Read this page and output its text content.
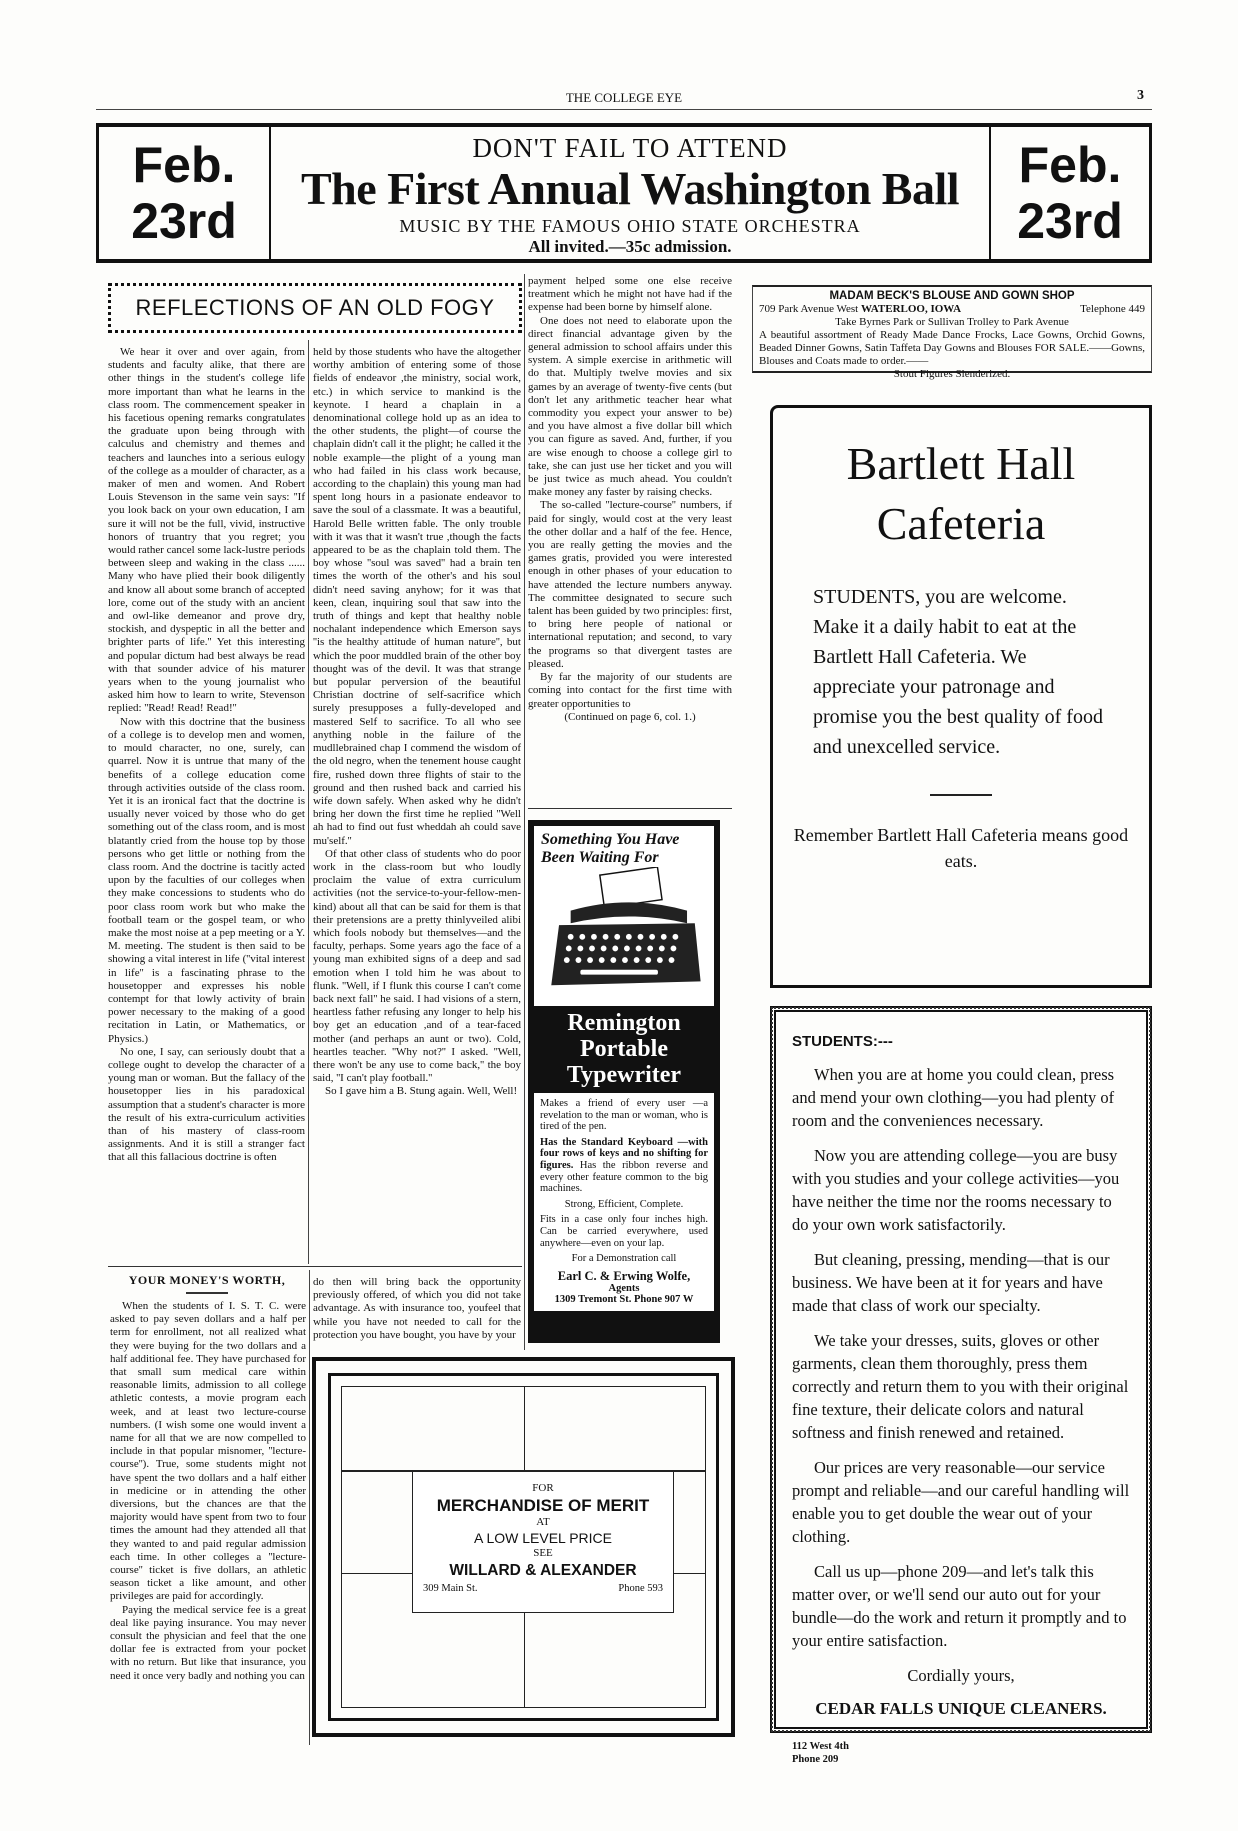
THE COLLEGE EYE	3
Feb.
23rd
DON'T FAIL TO ATTEND
The First Annual Washington Ball
MUSIC BY THE FAMOUS OHIO STATE ORCHESTRA
All invited.—35c admission.
Feb.
23rd
REFLECTIONS OF AN OLD FOGY

We hear it over and over again, from students and faculty alike, that there are other things in the student's college life more important than what he learns in the class room. The commencement speaker in his facetious opening remarks congratulates the graduate upon being through with calculus and chemistry and themes and teachers and launches into a serious eulogy of the college as a moulder of character, as a maker of men and women. And Robert Louis Stevenson in the same vein says: ''If you look back on your own education, I am sure it will not be the full, vivid, instructive honors of truantry that you regret; you would rather cancel some lack-lustre periods between sleep and waking in the class ...... Many who have plied their book diligently and know all about some branch of accepted lore, come out of the study with an ancient and owl-like demeanor and prove dry, stockish, and dyspeptic in all the better and brighter parts of life.'' Yet this interesting and popular dictum had best always be read with that sounder advice of his maturer years when to the young journalist who asked him how to learn to write, Stevenson replied: ''Read! Read! Read!''

Now with this doctrine that the business of a college is to develop men and women, to mould character, no one, surely, can quarrel. Now it is untrue that many of the benefits of a college education come through activities outside of the class room. Yet it is an ironical fact that the doctrine is usually never voiced by those who do get something out of the class room, and is most blatantly cried from the house top by those persons who get little or nothing from the class room. And the doctrine is tacitly acted upon by the faculties of our colleges when they make concessions to students who do poor class room work but who make the football team or the gospel team, or who make the most noise at a pep meeting or a Y. M. meeting. The student is then said to be showing a vital interest in life (''vital interest in life'' is a fascinating phrase to the housetopper and expresses his noble contempt for that lowly activity of brain power necessary to the making of a good recitation in Latin, or Mathematics, or Physics.)

No one, I say, can seriously doubt that a college ought to develop the character of a young man or woman. But the fallacy of the housetopper lies in his paradoxical assumption that a student's character is more the result of his extra-curriculum activities than of his mastery of class-room assignments. And it is still a stranger fact that all this fallacious doctrine is often

held by those students who have the altogether worthy ambition of entering some of those fields of endeavor ,the ministry, social work, etc.) in which service to mankind is the keynote. I heard a chaplain in a denominational college hold up as an idea to the other students, the plight—of course the chaplain didn't call it the plight; he called it the noble example—the plight of a young man who had failed in his class work because, according to the chaplain) this young man had spent long hours in a pasionate endeavor to save the soul of a classmate. It was a beautiful, Harold Belle written fable. The only trouble with it was that it wasn't true ,though the facts appeared to be as the chaplain told them. The boy whose ''soul was saved'' had a brain ten times the worth of the other's and his soul didn't need saving anyhow; for it was that keen, clean, inquiring soul that saw into the truth of things and kept that healthy noble nochalant independence which Emerson says ''is the healthy attitude of human nature'', but which the poor muddled brain of the other boy thought was of the devil. It was that strange but popular perversion of the beautiful Christian doctrine of self-sacrifice which surely presupposes a fully-developed and mastered Self to sacrifice. To all who see anything noble in the failure of the mudllebrained chap I commend the wisdom of the old negro, when the tenement house caught fire, rushed down three flights of stair to the ground and then rushed back and carried his wife down safely. When asked why he didn't bring her down the first time he replied ''Well ah had to find out fust wheddah ah could save mu'self.''

Of that other class of students who do poor work in the class-room but who loudly proclaim the value of extra curriculum activities (not the service-to-your-fellow-men-kind) about all that can be said for them is that their pretensions are a pretty thinlyveiled alibi which fools nobody but themselves—and the faculty, perhaps. Some years ago the face of a young man exhibited signs of a deep and sad emotion when I told him he was about to flunk. ''Well, if I flunk this course I can't come back next fall'' he said. I had visions of a stern, heartless father refusing any longer to help his boy get an education ,and of a tear-faced mother (and perhaps an aunt or two). Cold, heartles teacher. ''Why not?'' I asked. ''Well, there won't be any use to come back,'' the boy said, ''I can't play football.''

So I gave him a B. Stung again. Well, Well!

YOUR MONEY'S WORTH,

When the students of I. S. T. C. were asked to pay seven dollars and a half per term for enrollment, not all realized what they were buying for the two dollars and a half additional fee. They have purchased for that small sum medical care within reasonable limits, admission to all college athletic contests, a movie program each week, and at least two lecture-course numbers. (I wish some one would invent a name for all that we are now compelled to include in that popular misnomer, ''lecture-course''). True, some students might not have spent the two dollars and a half either in medicine or in attending the other diversions, but the chances are that the majority would have spent from two to four times the amount had they attended all that they wanted to and paid regular admission each time. In other colleges a ''lecture-course'' ticket is five dollars, an athletic season ticket a like amount, and other privileges are paid for accordingly.

Paying the medical service fee is a great deal like paying insurance. You may never consult the physician and feel that the one dollar fee is extracted from your pocket with no return. But like that insurance, you need it once very badly and nothing you can

do then will bring back the opportunity previously offered, of which you did not take advantage. As with insurance too, youfeel that while you have not needed to call for the protection you have bought, you have by your

payment helped some one else receive treatment which he might not have had if the expense had been borne by himself alone.

One does not need to elaborate upon the direct financial advantage given by the general admission to school affairs under this system. A simple exercise in arithmetic will do that. Multiply twelve movies and six games by an average of twenty-five cents (but don't let any arithmetic teacher hear what commodity you expect your answer to be) and you have almost a five dollar bill which you can figure as saved. And, further, if you are wise enough to choose a college girl to take, she can just use her ticket and you will be just twice as much ahead. You couldn't make money any faster by raising checks.

The so-called ''lecture-course'' numbers, if paid for singly, would cost at the very least the other dollar and a half of the fee. Hence, you are really getting the movies and the games gratis, provided you were interested enough in other phases of your education to have attended the lecture numbers anyway. The committee designated to secure such talent has been guided by two principles: first, to bring here people of national or international reputation; and second, to vary the programs so that divergent tastes are pleased.

By far the majority of our students are coming into contact for the first time with greater opportunities to

(Continued on page 6, col. 1.)

Something You Have Been Waiting For
Remington
Portable
Typewriter

Makes a friend of every user —a revelation to the man or woman, who is tired of the pen.

Has the Standard Keyboard —with four rows of keys and no shifting for figures. Has the ribbon reverse and every other feature common to the big machines.

Strong, Efficient, Complete.

Fits in a case only four inches high. Can be carried everywhere, used anywhere—even on your lap.

For a Demonstration call

Earl C. & Erwing Wolfe,
Agents
1309 Tremont St. Phone 907 W
FOR
MERCHANDISE OF MERIT
AT
A LOW LEVEL PRICE
SEE
WILLARD & ALEXANDER
309 Main St.	Phone 593
MADAM BECK'S BLOUSE AND GOWN SHOP
709 Park Avenue West WATERLOO, IOWA	Telephone 449
Take Byrnes Park or Sullivan Trolley to Park Avenue
A beautiful assortment of Ready Made Dance Frocks, Lace Gowns, Orchid Gowns, Beaded Dinner Gowns, Satin Taffeta Day Gowns and Blouses FOR SALE.——Gowns, Blouses and Coats made to order.——
Stout Figures Slenderized.
Bartlett Hall
Cafeteria
STUDENTS, you are welcome. Make it a daily habit to eat at the Bartlett Hall Cafeteria. We appreciate your patronage and promise you the best quality of food and unexcelled service.
Remember Bartlett Hall Cafeteria means good eats.
STUDENTS:---

When you are at home you could clean, press and mend your own clothing—you had plenty of room and the conveniences necessary.

Now you are attending college—you are busy with you studies and your college activities—you have neither the time nor the rooms necessary to do your own work satisfactorily.

But cleaning, pressing, mending—that is our business. We have been at it for years and have made that class of work our specialty.

We take your dresses, suits, gloves or other garments, clean them thoroughly, press them correctly and return them to you with their original fine texture, their delicate colors and natural softness and finish renewed and retained.

Our prices are very reasonable—our service prompt and reliable—and our careful handling will enable you to get double the wear out of your clothing.

Call us up—phone 209—and let's talk this matter over, or we'll send our auto out for your bundle—do the work and return it promptly and to your entire satisfaction.

Cordially yours,
CEDAR FALLS UNIQUE CLEANERS.
112 West 4th
Phone 209
